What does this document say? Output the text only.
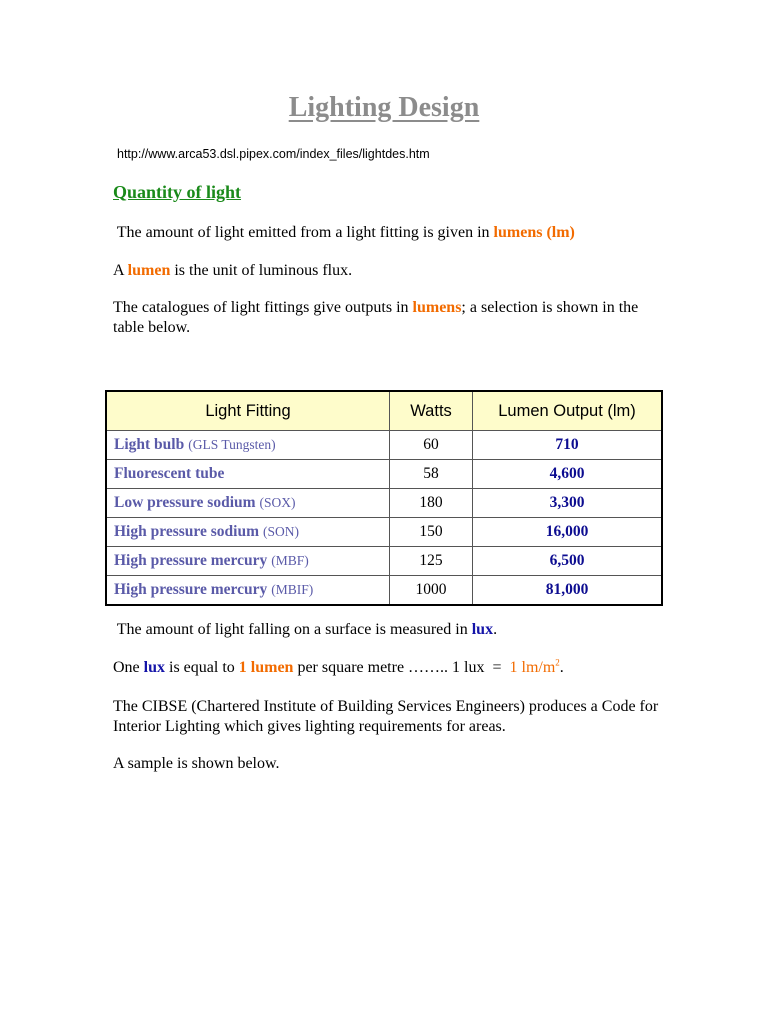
Lighting Design
http://www.arca53.dsl.pipex.com/index_files/lightdes.htm
Quantity of light
The amount of light emitted from a light fitting is given in lumens (lm)
A lumen is the unit of luminous flux.
The catalogues of light fittings give outputs in lumens; a selection is shown in the table below.
Light Fitting	Watts	Lumen Output (lm)
Light bulb (GLS Tungsten)	60	710
Fluorescent tube	58	4,600
Low pressure sodium (SOX)	180	3,300
High pressure sodium (SON)	150	16,000
High pressure mercury (MBF)	125	6,500
High pressure mercury (MBIF)	1000	81,000
The amount of light falling on a surface is measured in lux.
One lux is equal to 1 lumen per square metre …….. 1 lux  =  1 $lm/m^2$.
The CIBSE (Chartered Institute of Building Services Engineers) produces a Code for Interior Lighting which gives lighting requirements for areas.
A sample is shown below.
